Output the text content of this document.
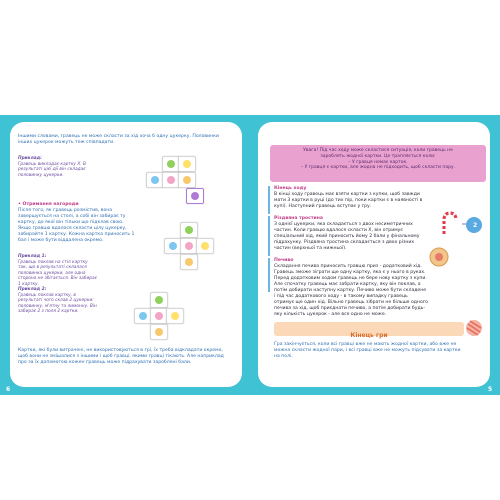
Іншими словами, гравець не може скласти за хід хоча б одну цукерку. Половинки інших цукерок можуть теж співпадати.

Приклад:
Гравець викладає картку Х. В результаті цієї дії він складає половинку цукерки.

• Отримання нагороди

Після того, як гравець розмістив, вона завершується на столі, а собі він забирає ту картку, до якої він тільки що підклав свою. Якщо гравцю вдалося скласти цілу цукерку, забирайте 1 картку. Кожна картка приносить 1 бал і може бути віддалена окремо.

Приклад 1:
Гравець поклав на стіл картку так, що в результаті склалася половинка цукерки, але одна сторона не збігається. Він забирає 1 картку.
Приклад 2:
Гравець поклав картку, в результаті чого склав 2 цукерки: половинку, м'ятну та лимонну. Він забирає 2 з поля 2 картки.

Картки, які були витрачені, не використовуються в грі, їх треба відкладати окремо, щоб вони не змішалися з іншими і щоб гравці, якими гравці тікають. Але наприклад про за їх допомогою кожен гравець може підрахувати зароблені бали.

Увага! Під час ходу може скластися ситуація, коли гравець не

зароблять жодної картки. Це трапляється коли:

– У гравця немає карток.

– У гравця є картки, але жодна не підходить, щоб скласти пару.

Кінець ходу

В кінці ходу гравець має взяти картки з купки, щоб завжди мати 3 картки в руці (до тих пір, поки картки є в наявності в купі). Наступний гравець вступає у гру.

Різдвяна тростина

З однієї цукерки, яка складається з двох несиметричних частин. Коли гравцю вдалося скласти X, він отримує спеціальний хід, який приносить йому 2 бали у фінальному підрахунку. Різдвяна тростина складається з двох різних частин (верхньої та нижньої).

2

Печиво

Складання печива приносить гравцю приз - додатковий хід. Гравець зможе зіграти ще одну картку, яка є у нього в руках. Перед додатковим ходом гравець не бере нову картку з купи. Але спочатку гравець має забрати картку, яку він поклав, а потім добирати наступну картку. Печиво може бути складене і під час додаткового ходу - в такому випадку гравець отримує ще один хід. Вільно гравець зібрати не більше одного печива за хід, щоб приєднати печиво, а потім добирати будь-яку кількість цукерок - але все одно не може.

Кінець гри

Гра закінчується, коли всі гравці вже не мають жодної картки, або вже не можна скласти жодної пари, і всі гравці вже не можуть підсувати за картки на полі.

6	5
